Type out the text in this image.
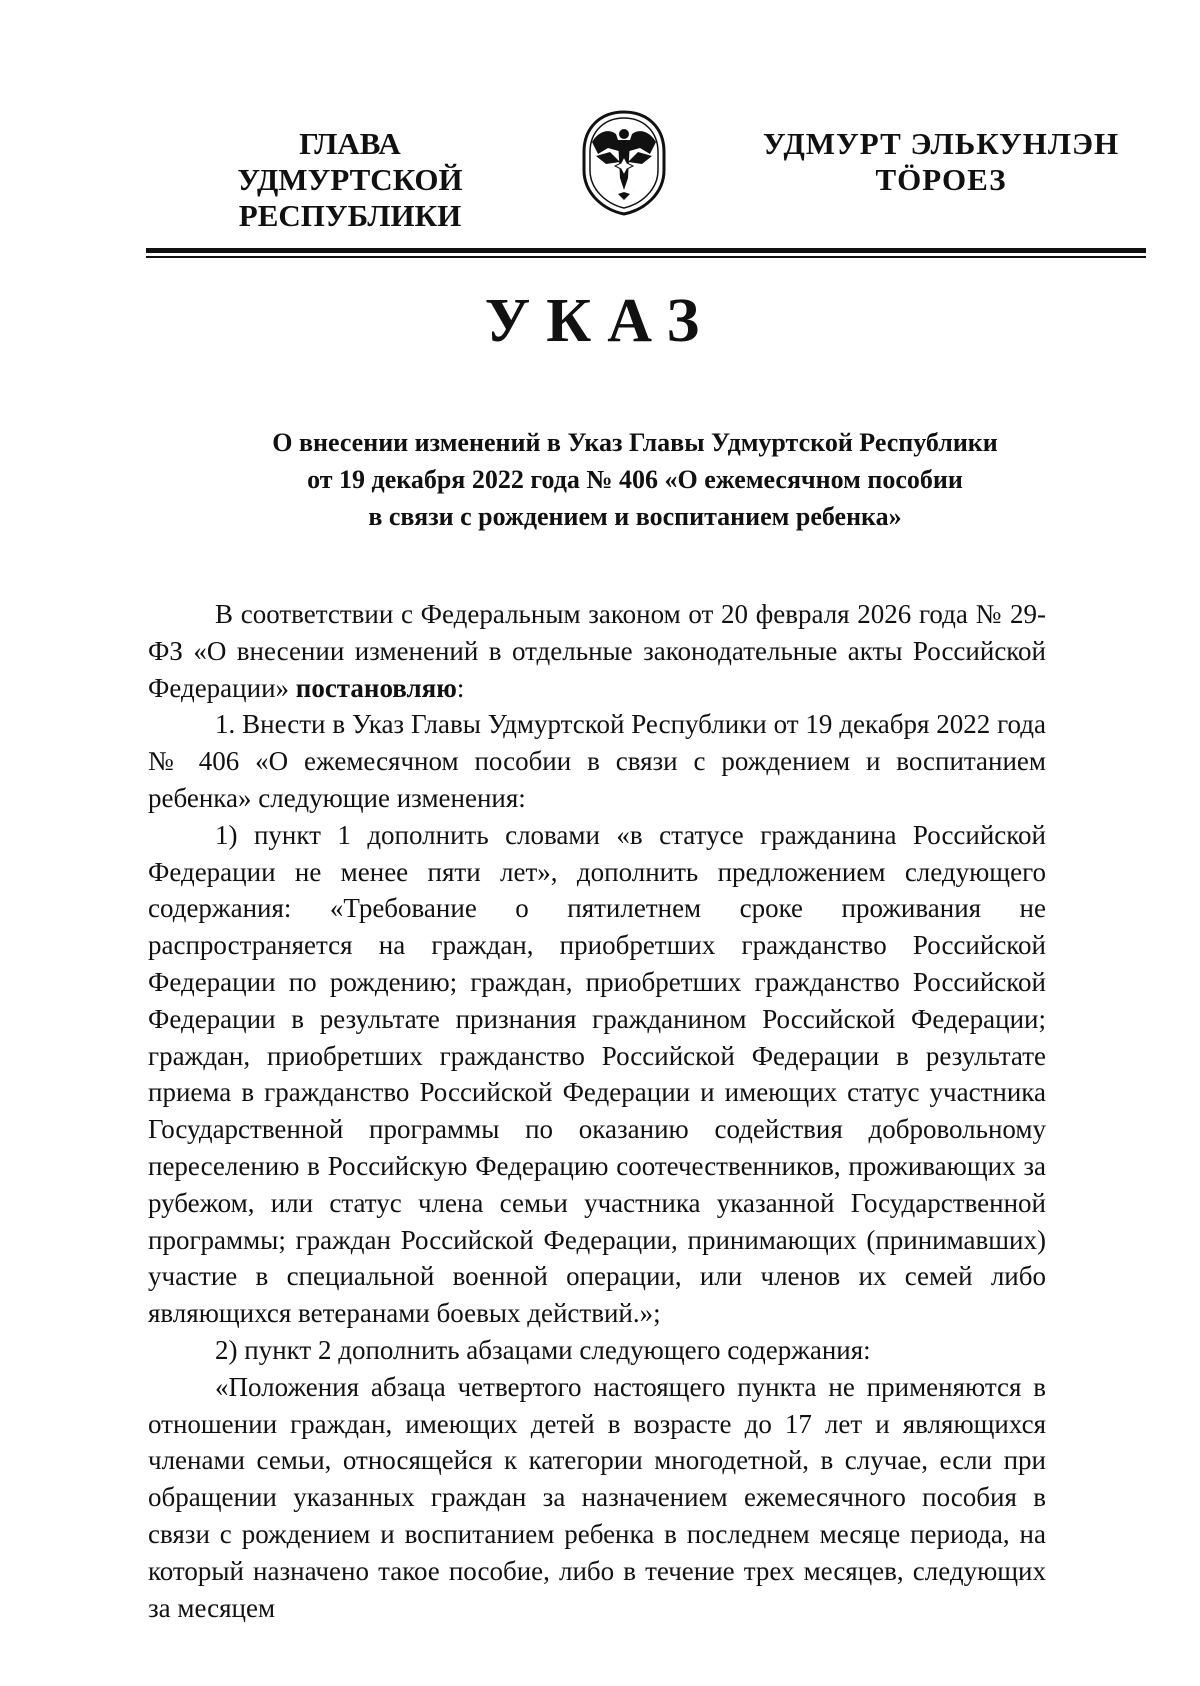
ГЛАВА
УДМУРТСКОЙ РЕСПУБЛИКИ
УДМУРТ ЭЛЬКУНЛЭН
ТӦРОЕЗ
УКАЗ
О внесении изменений в Указ Главы Удмуртской Республики
от 19 декабря 2022 года № 406 «О ежемесячном пособии
в связи с рождением и воспитанием ребенка»

В соответствии с Федеральным законом от 20 февраля 2026 года № 29-ФЗ «О внесении изменений в отдельные законодательные акты Российской Федерации» постановляю:

1. Внести в Указ Главы Удмуртской Республики от 19 декабря 2022 года № 406 «О ежемесячном пособии в связи с рождением и воспитанием ребенка» следующие изменения:

1) пункт 1 дополнить словами «в статусе гражданина Российской Федерации не менее пяти лет», дополнить предложением следующего содержания: «Требование о пятилетнем сроке проживания не распространяется на граждан, приобретших гражданство Российской Федерации по рождению; граждан, приобретших гражданство Российской Федерации в результате признания гражданином Российской Федерации; граждан, приобретших гражданство Российской Федерации в результате приема в гражданство Российской Федерации и имеющих статус участника Государственной программы по оказанию содействия добровольному переселению в Российскую Федерацию соотечественников, проживающих за рубежом, или статус члена семьи участника указанной Государственной программы; граждан Российской Федерации, принимающих (принимавших) участие в специальной военной операции, или членов их семей либо являющихся ветеранами боевых действий.»;

2) пункт 2 дополнить абзацами следующего содержания:

«Положения абзаца четвертого настоящего пункта не применяются в отношении граждан, имеющих детей в возрасте до 17 лет и являющихся членами семьи, относящейся к категории многодетной, в случае, если при обращении указанных граждан за назначением ежемесячного пособия в связи с рождением и воспитанием ребенка в последнем месяце периода, на который назначено такое пособие, либо в течение трех месяцев, следующих за месяцем
